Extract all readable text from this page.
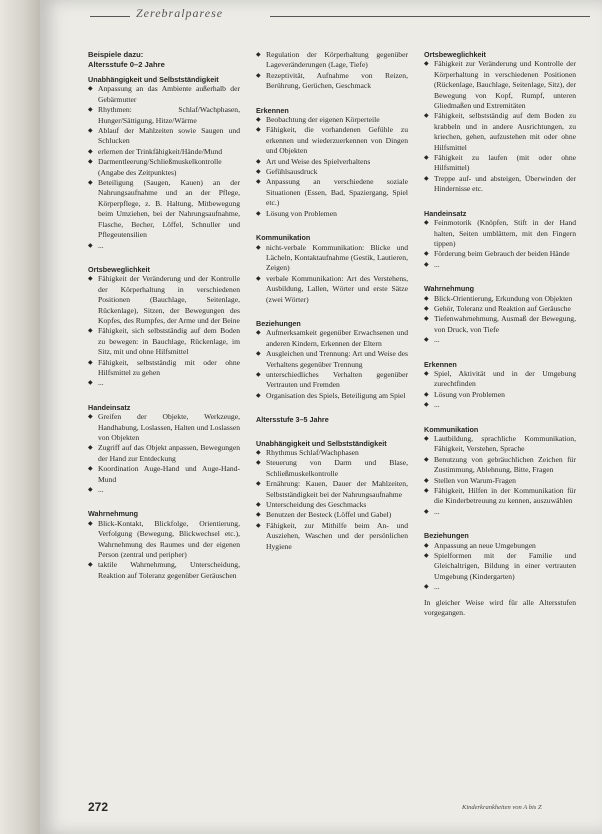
Zerebralparese
Beispiele dazu:
Altersstufe 0–2 Jahre
Unabhängigkeit und Selbstständigkeit
◆ Anpassung an das Ambiente außerhalb der Gebärmutter
◆ Rhythmen: Schlaf/Wachphasen, Hunger/Sättigung, Hitze/Wärme
◆ Ablauf der Mahlzeiten sowie Saugen und Schlucken
◆ erlernen der Trinkfähigkeit/Hände/Mund
◆ Darmentleerung/Schließmuskelkontrolle (Angabe des Zeitpunktes)
◆ Beteiligung (Saugen, Kauen) an der Nahrungsaufnahme und an der Pflege, Körperpflege, z. B. Haltung, Mitbewegung beim Umziehen, bei der Nahrungsaufnahme, Flasche, Becher, Löffel, Schnuller und Pflegeutensilien
◆ ...
Ortsbeweglichkeit
◆ Fähigkeit der Veränderung und der Kontrolle der Körperhaltung in verschiedenen Positionen (Bauchlage, Seitenlage, Rückenlage), Sitzen, der Bewegungen des Kopfes, des Rumpfes, der Arme und der Beine
◆ Fähigkeit, sich selbstständig auf dem Boden zu bewegen: in Bauchlage, Rückenlage, im Sitz, mit und ohne Hilfsmittel
◆ Fähigkeit, selbstständig mit oder ohne Hilfsmittel zu gehen
◆ ...
Handeinsatz
◆ Greifen der Objekte, Werkzeuge, Handhabung, Loslassen, Halten und Loslassen von Objekten
◆ Zugriff auf das Objekt anpassen, Bewegungen der Hand zur Entdeckung
◆ Koordination Auge-Hand und Auge-Hand-Mund
◆ ...
Wahrnehmung
◆ Blick-Kontakt, Blickfolge, Orientierung, Verfolgung (Bewegung, Blickwechsel etc.), Wahrnehmung des Raumes und der eigenen Person (zentral und peripher)
◆ taktile Wahrnehmung, Unterscheidung, Reaktion auf Toleranz gegenüber Geräuschen
◆ Regulation der Körperhaltung gegenüber Lageveränderungen (Lage, Tiefe)
◆ Rezeptivität, Aufnahme von Reizen, Berührung, Gerüchen, Geschmack
Erkennen
◆ Beobachtung der eigenen Körperteile
◆ Fähigkeit, die vorhandenen Gefühle zu erkennen und wiederzuerkennen von Dingen und Objekten
◆ Art und Weise des Spielverhaltens
◆ Gefühlsausdruck
◆ Anpassung an verschiedene soziale Situationen (Essen, Bad, Spaziergang, Spiel etc.)
◆ Lösung von Problemen
Kommunikation
◆ nicht-verbale Kommunikation: Blicke und Lächeln, Kontaktaufnahme (Gestik, Lautieren, Zeigen)
◆ verbale Kommunikation: Art des Verstehens, Ausbildung, Lallen, Wörter und erste Sätze (zwei Wörter)
Beziehungen
◆ Aufmerksamkeit gegenüber Erwachsenen und anderen Kindern, Erkennen der Eltern
◆ Ausgleichen und Trennung: Art und Weise des Verhaltens gegenüber Trennung
◆ unterschiedliches Verhalten gegenüber Vertrauten und Fremden
◆ Organisation des Spiels, Beteiligung am Spiel
Altersstufe 3–5 Jahre
Unabhängigkeit und Selbstständigkeit
◆ Rhythmus Schlaf/Wachphasen
◆ Steuerung von Darm und Blase, Schließmuskelkontrolle
◆ Ernährung: Kauen, Dauer der Mahlzeiten, Selbstständigkeit bei der Nahrungsaufnahme
◆ Unterscheidung des Geschmacks
◆ Benutzen der Besteck (Löffel und Gabel)
◆ Fähigkeit, zur Mithilfe beim An- und Ausziehen, Waschen und der persönlichen Hygiene
Ortsbeweglichkeit
◆ Fähigkeit zur Veränderung und Kontrolle der Körperhaltung in verschiedenen Positionen (Rückenlage, Bauchlage, Seitenlage, Sitz), der Bewegung von Kopf, Rumpf, unteren Gliedmaßen und Extremitäten
◆ Fähigkeit, selbstständig auf dem Boden zu krabbeln und in andere Ausrichtungen, zu kriechen, gehen, aufzustehen mit oder ohne Hilfsmittel
◆ Fähigkeit zu laufen (mit oder ohne Hilfsmittel)
◆ Treppe auf- und absteigen, Überwinden der Hindernisse etc.
Handeinsatz
◆ Feinmotorik (Knöpfen, Stift in der Hand halten, Seiten umblättern, mit den Fingern tippen)
◆ Förderung beim Gebrauch der beiden Hände
◆ ...
Wahrnehmung
◆ Blick-Orientierung, Erkundung von Objekten
◆ Gehör, Toleranz und Reaktion auf Geräusche
◆ Tiefenwahrnehmung, Ausmaß der Bewegung, von Druck, von Tiefe
◆ ...
Erkennen
◆ Spiel, Aktivität und in der Umgebung zurechtfinden
◆ Lösung von Problemen
◆ ...
Kommunikation
◆ Lautbildung, sprachliche Kommunikation, Fähigkeit, Verstehen, Sprache
◆ Benutzung von gebräuchlichen Zeichen für Zustimmung, Ablehnung, Bitte, Fragen
◆ Stellen von Warum-Fragen
◆ Fähigkeit, Hilfen in der Kommunikation für die Kinderbetreuung zu kennen, auszuwählen
◆ ...
Beziehungen
◆ Anpassung an neue Umgebungen
◆ Spielformen mit der Familie und Gleichaltrigen, Bildung in einer vertrauten Umgebung (Kindergarten)
◆ ...
In gleicher Weise wird für alle Altersstufen vorgegangen.
272	Kinderkrankheiten von A bis Z
